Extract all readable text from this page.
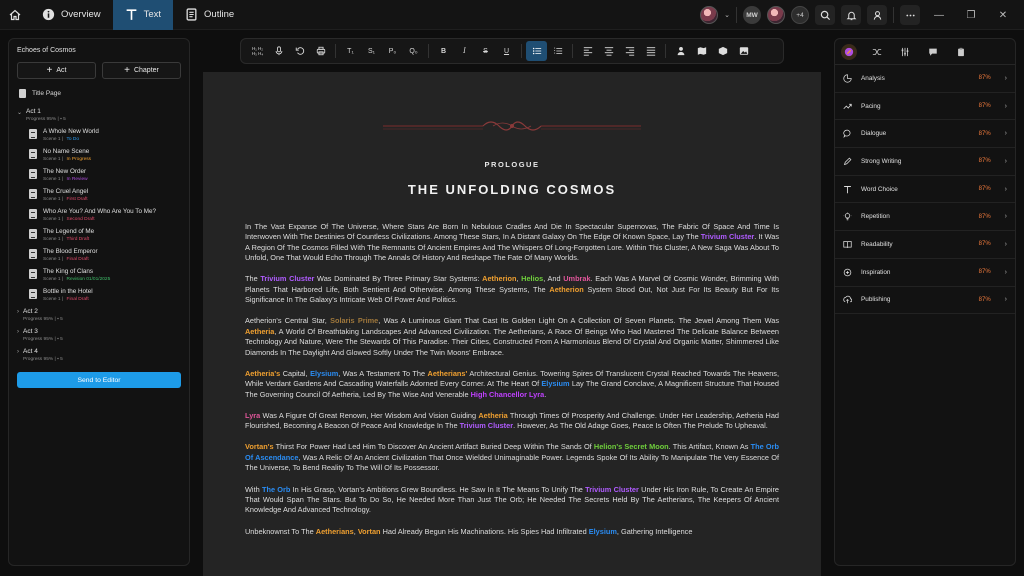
Overview	Text	Outline	⌄	MW	+4	— ❐ ✕
Echoes of Cosmos
+ Act	+ Chapter
Title Page
⌄ Act 1
Progress 95% | ▪ 5
A Whole New World
Scene 1 | To Do
No Name Scene
Scene 1 | In Progress
The New Order
Scene 1 | In Review
The Cruel Angel
Scene 1 | First Draft
Who Are You? And Who Are You To Me?
Scene 1 | Second Draft
The Legend of Me
Scene 1 | Third Draft
The Blood Emperor
Scene 1 | Final Draft
The King of Clans
Scene 1 | Revision 01/01/2025
Bottle in the Hotel
Scene 1 | Final Draft
› Act 2
Progress 95% | ▪ 5
› Act 3
Progress 95% | ▪ 5
› Act 4
Progress 95% | ▪ 5
Send to Editor
H₁ H₂
H₃ H₄	T₁	S₁	P₀	Q₀	B I S U
PROLOGUE
THE UNFOLDING COSMOS

In The Vast Expanse Of The Universe, Where Stars Are Born In Nebulous Cradles And Die In Spectacular Supernovas, The Fabric Of Space And Time Is Interwoven With The Destinies Of Countless Civilizations. Among These Stars, In A Distant Galaxy On The Edge Of Known Space, Lay The Trivium Cluster. It Was A Region Of The Cosmos Filled With The Remnants Of Ancient Empires And The Whispers Of Long-Forgotten Lore. Within This Cluster, A New Saga Was About To Unfold, One That Would Echo Through The Annals Of History And Reshape The Fate Of Many Worlds.

The Trivium Cluster Was Dominated By Three Primary Star Systems: Aetherion, Helios, And Umbrak. Each Was A Marvel Of Cosmic Wonder, Brimming With Planets That Harbored Life, Both Sentient And Otherwise. Among These Systems, The Aetherion System Stood Out, Not Just For Its Beauty But For Its Significance In The Galaxy's Intricate Web Of Power And Politics.

Aetherion's Central Star, Solaris Prime, Was A Luminous Giant That Cast Its Golden Light On A Collection Of Seven Planets. The Jewel Among Them Was Aetheria, A World Of Breathtaking Landscapes And Advanced Civilization. The Aetherians, A Race Of Beings Who Had Mastered The Delicate Balance Between Technology And Nature, Were The Stewards Of This Paradise. Their Cities, Constructed From A Harmonious Blend Of Crystal And Organic Matter, Shimmered Like Diamonds In The Daylight And Glowed Softly Under The Twin Moons' Embrace.

Aetheria's Capital, Elysium, Was A Testament To The Aetherians' Architectural Genius. Towering Spires Of Translucent Crystal Reached Towards The Heavens, While Verdant Gardens And Cascading Waterfalls Adorned Every Corner. At The Heart Of Elysium Lay The Grand Conclave, A Magnificent Structure That Housed The Governing Council Of Aetheria, Led By The Wise And Venerable High Chancellor Lyra.

Lyra Was A Figure Of Great Renown, Her Wisdom And Vision Guiding Aetheria Through Times Of Prosperity And Challenge. Under Her Leadership, Aetheria Had Flourished, Becoming A Beacon Of Peace And Knowledge In The Trivium Cluster. However, As The Old Adage Goes, Peace Is Often The Prelude To Upheaval.

Vortan's Thirst For Power Had Led Him To Discover An Ancient Artifact Buried Deep Within The Sands Of Helion's Secret Moon. This Artifact, Known As The Orb Of Ascendance, Was A Relic Of An Ancient Civilization That Once Wielded Unimaginable Power. Legends Spoke Of Its Ability To Manipulate The Very Essence Of The Universe, To Bend Reality To The Will Of Its Possessor.

With The Orb In His Grasp, Vortan's Ambitions Grew Boundless. He Saw In It The Means To Unify The Trivium Cluster Under His Iron Rule, To Create An Empire That Would Span The Stars. But To Do So, He Needed More Than Just The Orb; He Needed The Secrets Held By The Aetherians, The Keepers Of Ancient Knowledge And Advanced Technology.

Unbeknownst To The Aetherians, Vortan Had Already Begun His Machinations. His Spies Had Infiltrated Elysium, Gathering Intelligence

Analysis	87% ›
Pacing	87% ›
Dialogue	87% ›
Strong Writing	87% ›
Word Choice	87% ›
Repetition	87% ›
Readability	87% ›
Inspiration	87% ›
Publishing	87% ›
